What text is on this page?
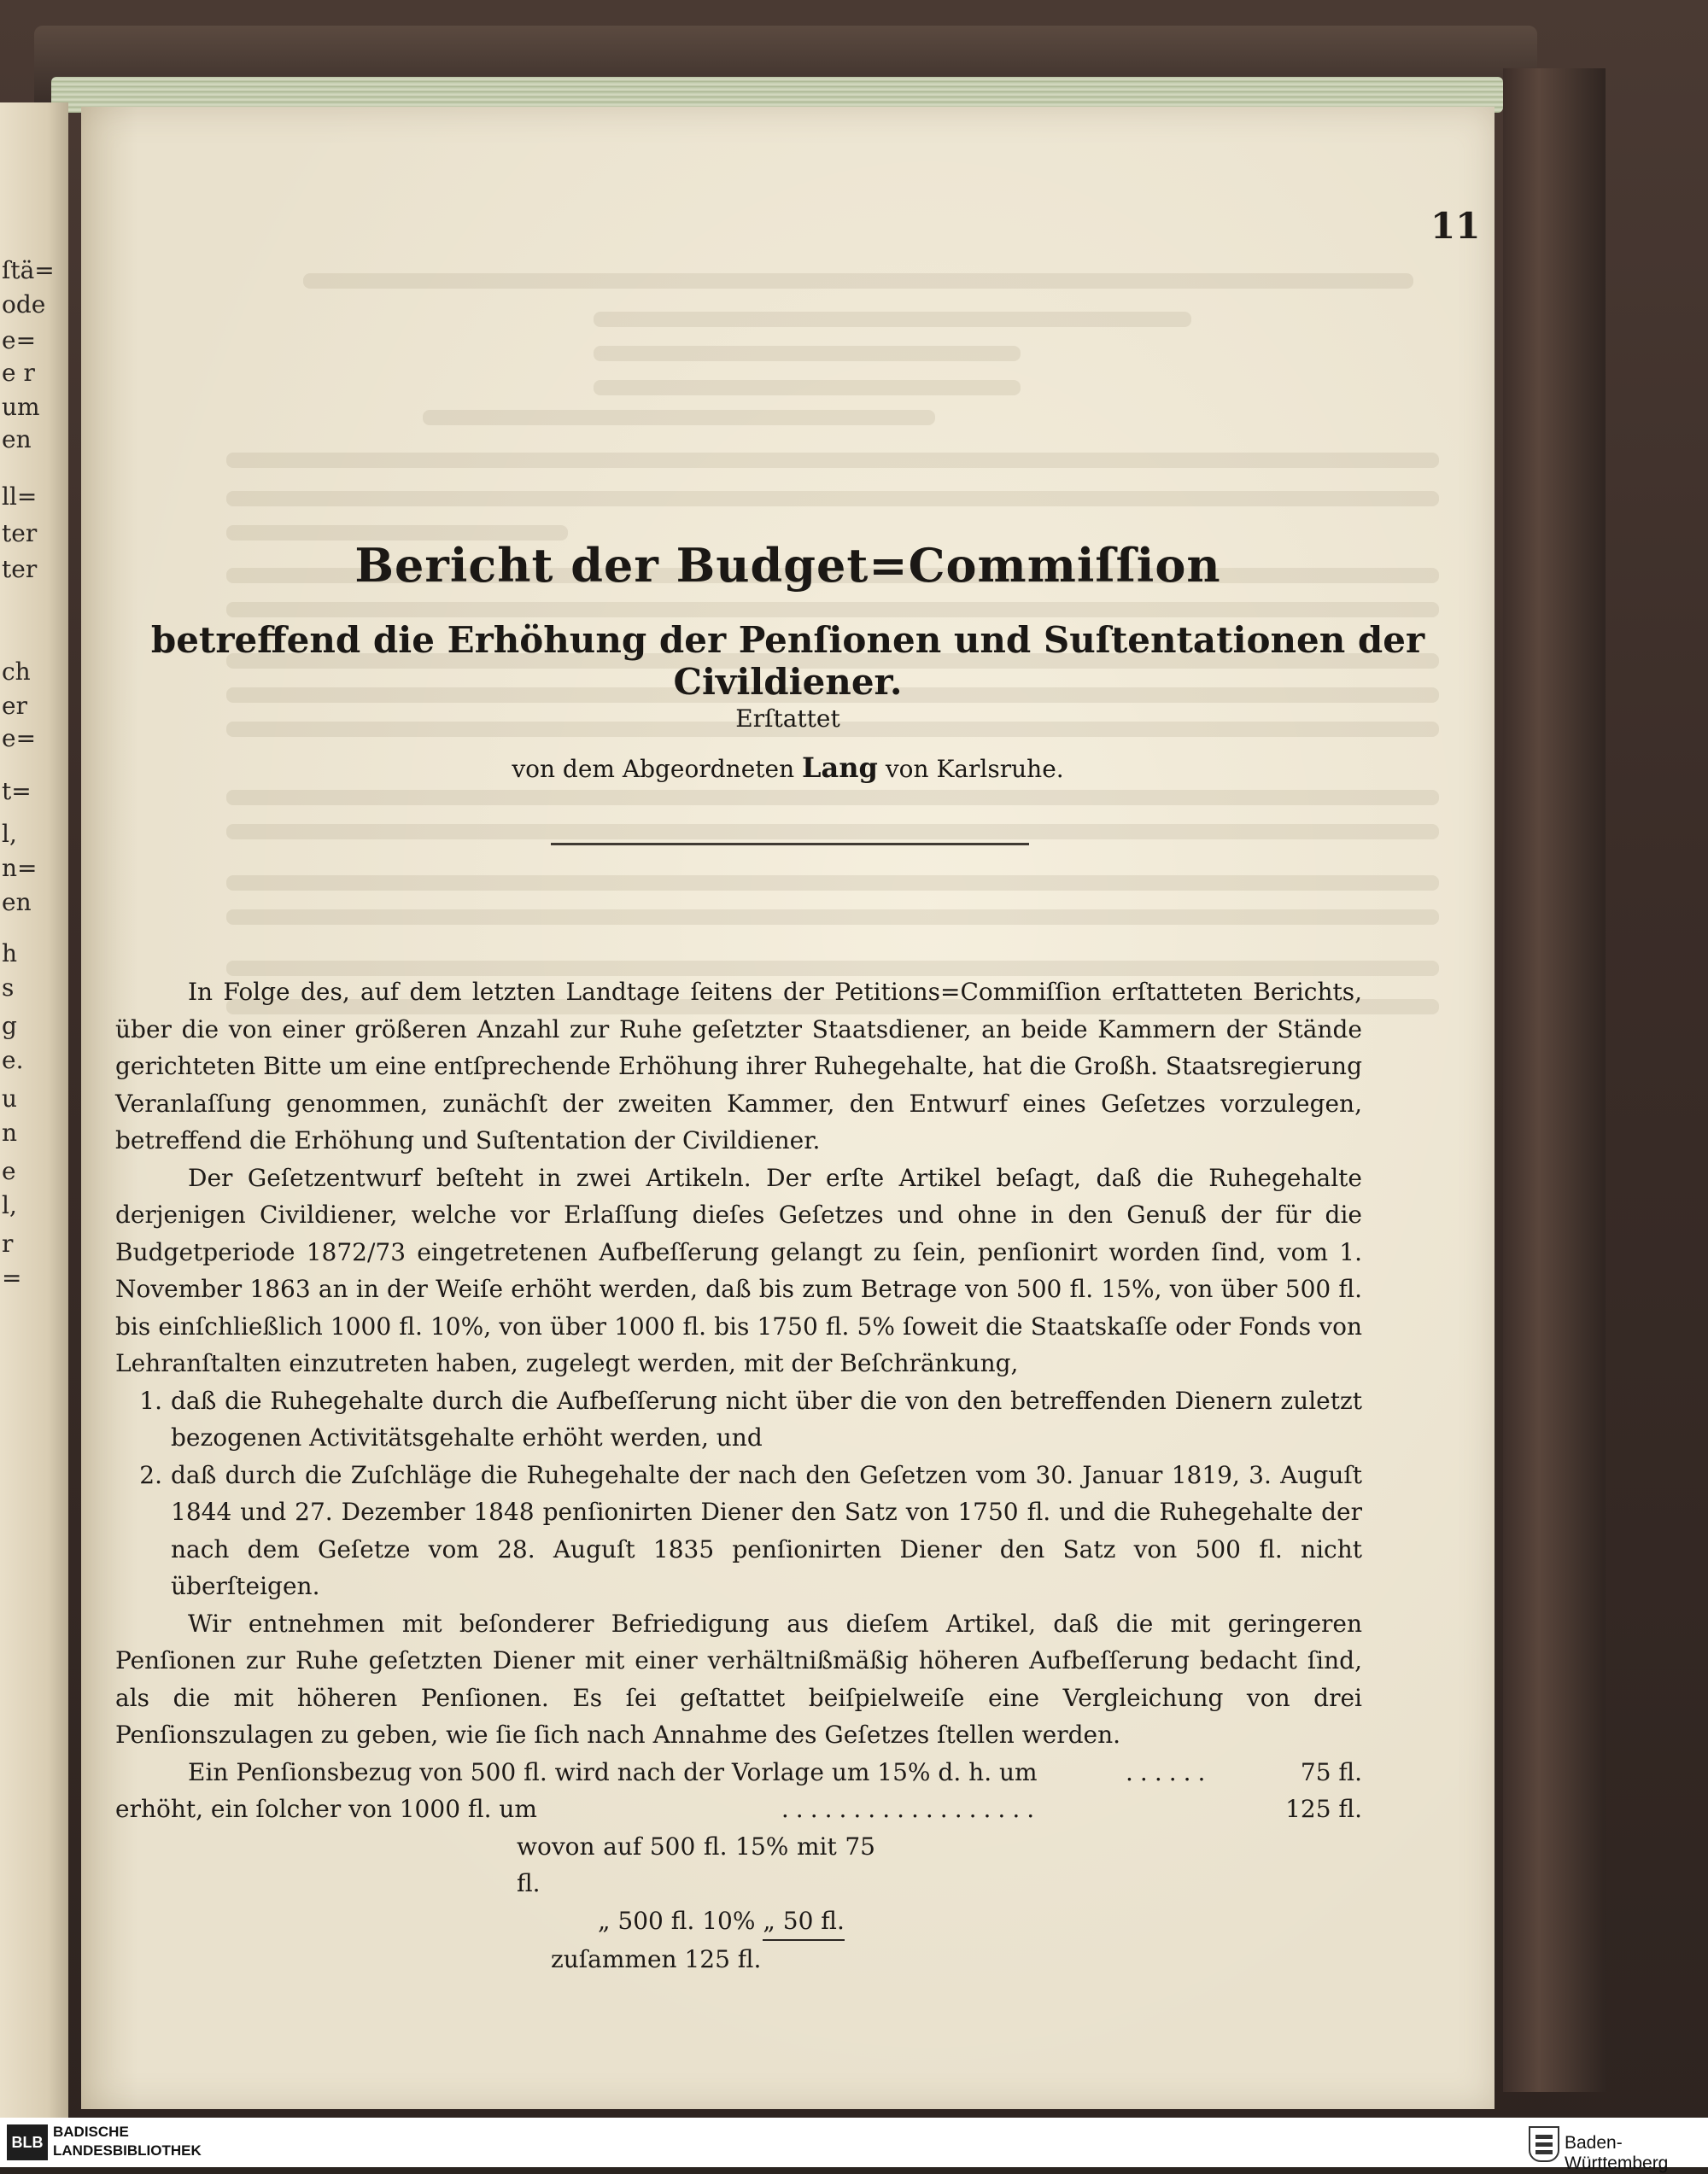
ſtä=
ode
e=
e r
um
en
ll=
ter
ter
ch
er
e=
t=
l,
n=
en
h
s
g
e.
u
n
e
l,
r
=
11
Bericht der Budget=Commiſſion
betreffend die Erhöhung der Penſionen und Suſtentationen der Civildiener.
Erſtattet
von dem Abgeordneten Lang von Karlsruhe.

In Folge des, auf dem letzten Landtage ſeitens der Petitions=Commiſſion erſtatteten Berichts, über die von einer größeren Anzahl zur Ruhe geſetzter Staatsdiener, an beide Kammern der Stände gerichteten Bitte um eine entſprechende Erhöhung ihrer Ruhegehalte, hat die Großh. Staatsregierung Veranlaſſung genommen, zunächſt der zweiten Kammer, den Entwurf eines Geſetzes vorzulegen, betreffend die Erhöhung und Suſtentation der Civildiener.

Der Geſetzentwurf beſteht in zwei Artikeln. Der erſte Artikel beſagt, daß die Ruhegehalte derjenigen Civildiener, welche vor Erlaſſung dieſes Geſetzes und ohne in den Genuß der für die Budgetperiode 1872/73 eingetretenen Aufbeſſerung gelangt zu ſein, penſionirt worden ſind, vom 1. November 1863 an in der Weiſe erhöht werden, daß bis zum Betrage von 500 fl. 15%, von über 500 fl. bis einſchließlich 1000 fl. 10%, von über 1000 fl. bis 1750 fl. 5% ſoweit die Staatskaſſe oder Fonds von Lehranſtalten einzutreten haben, zugelegt werden, mit der Beſchränkung,

1. daß die Ruhegehalte durch die Aufbeſſerung nicht über die von den betreffenden Dienern zuletzt bezogenen Activitätsgehalte erhöht werden, und
2. daß durch die Zuſchläge die Ruhegehalte der nach den Geſetzen vom 30. Januar 1819, 3. Auguſt 1844 und 27. Dezember 1848 penſionirten Diener den Satz von 1750 fl. und die Ruhegehalte der nach dem Geſetze vom 28. Auguſt 1835 penſionirten Diener den Satz von 500 fl. nicht überſteigen.

Wir entnehmen mit beſonderer Befriedigung aus dieſem Artikel, daß die mit geringeren Penſionen zur Ruhe geſetzten Diener mit einer verhältnißmäßig höheren Aufbeſſerung bedacht ſind, als die mit höheren Penſionen. Es ſei geſtattet beiſpielweiſe eine Vergleichung von drei Penſionszulagen zu geben, wie ſie ſich nach Annahme des Geſetzes ſtellen werden.

Ein Penſionsbezug von 500 fl. wird nach der Vorlage um 15% d. h. um	......	75 fl.

erhöht, ein ſolcher von 1000 fl. um	..................	125 fl.

wovon auf 500 fl. 15% mit 75 fl.
„ 500 fl. 10% „ 50 fl.
zuſammen 125 fl.
BLB
BADISCHE
LANDESBIBLIOTHEK	Baden-Württemberg
